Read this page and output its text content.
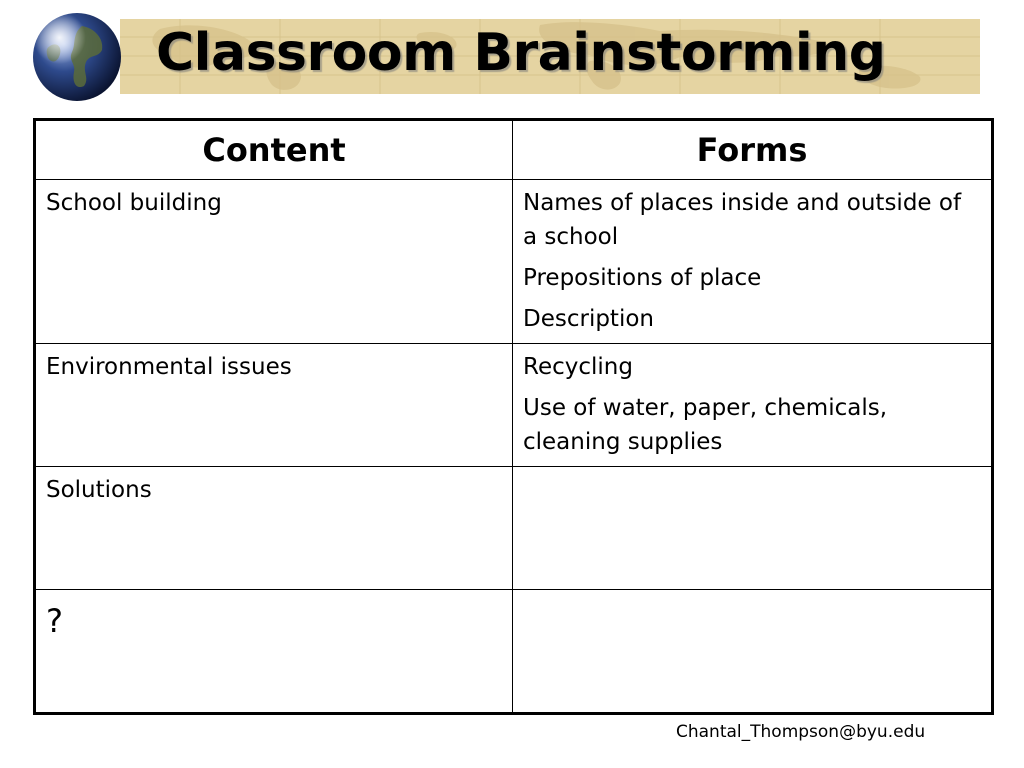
Classroom Brainstorming
Content	Forms

School building	Names of places inside and outside of a school
Prepositions of place
Description

Environmental issues	Recycling
Use of water, paper, chemicals, cleaning supplies

Solutions	

?	

Chantal_Thompson@byu.edu
